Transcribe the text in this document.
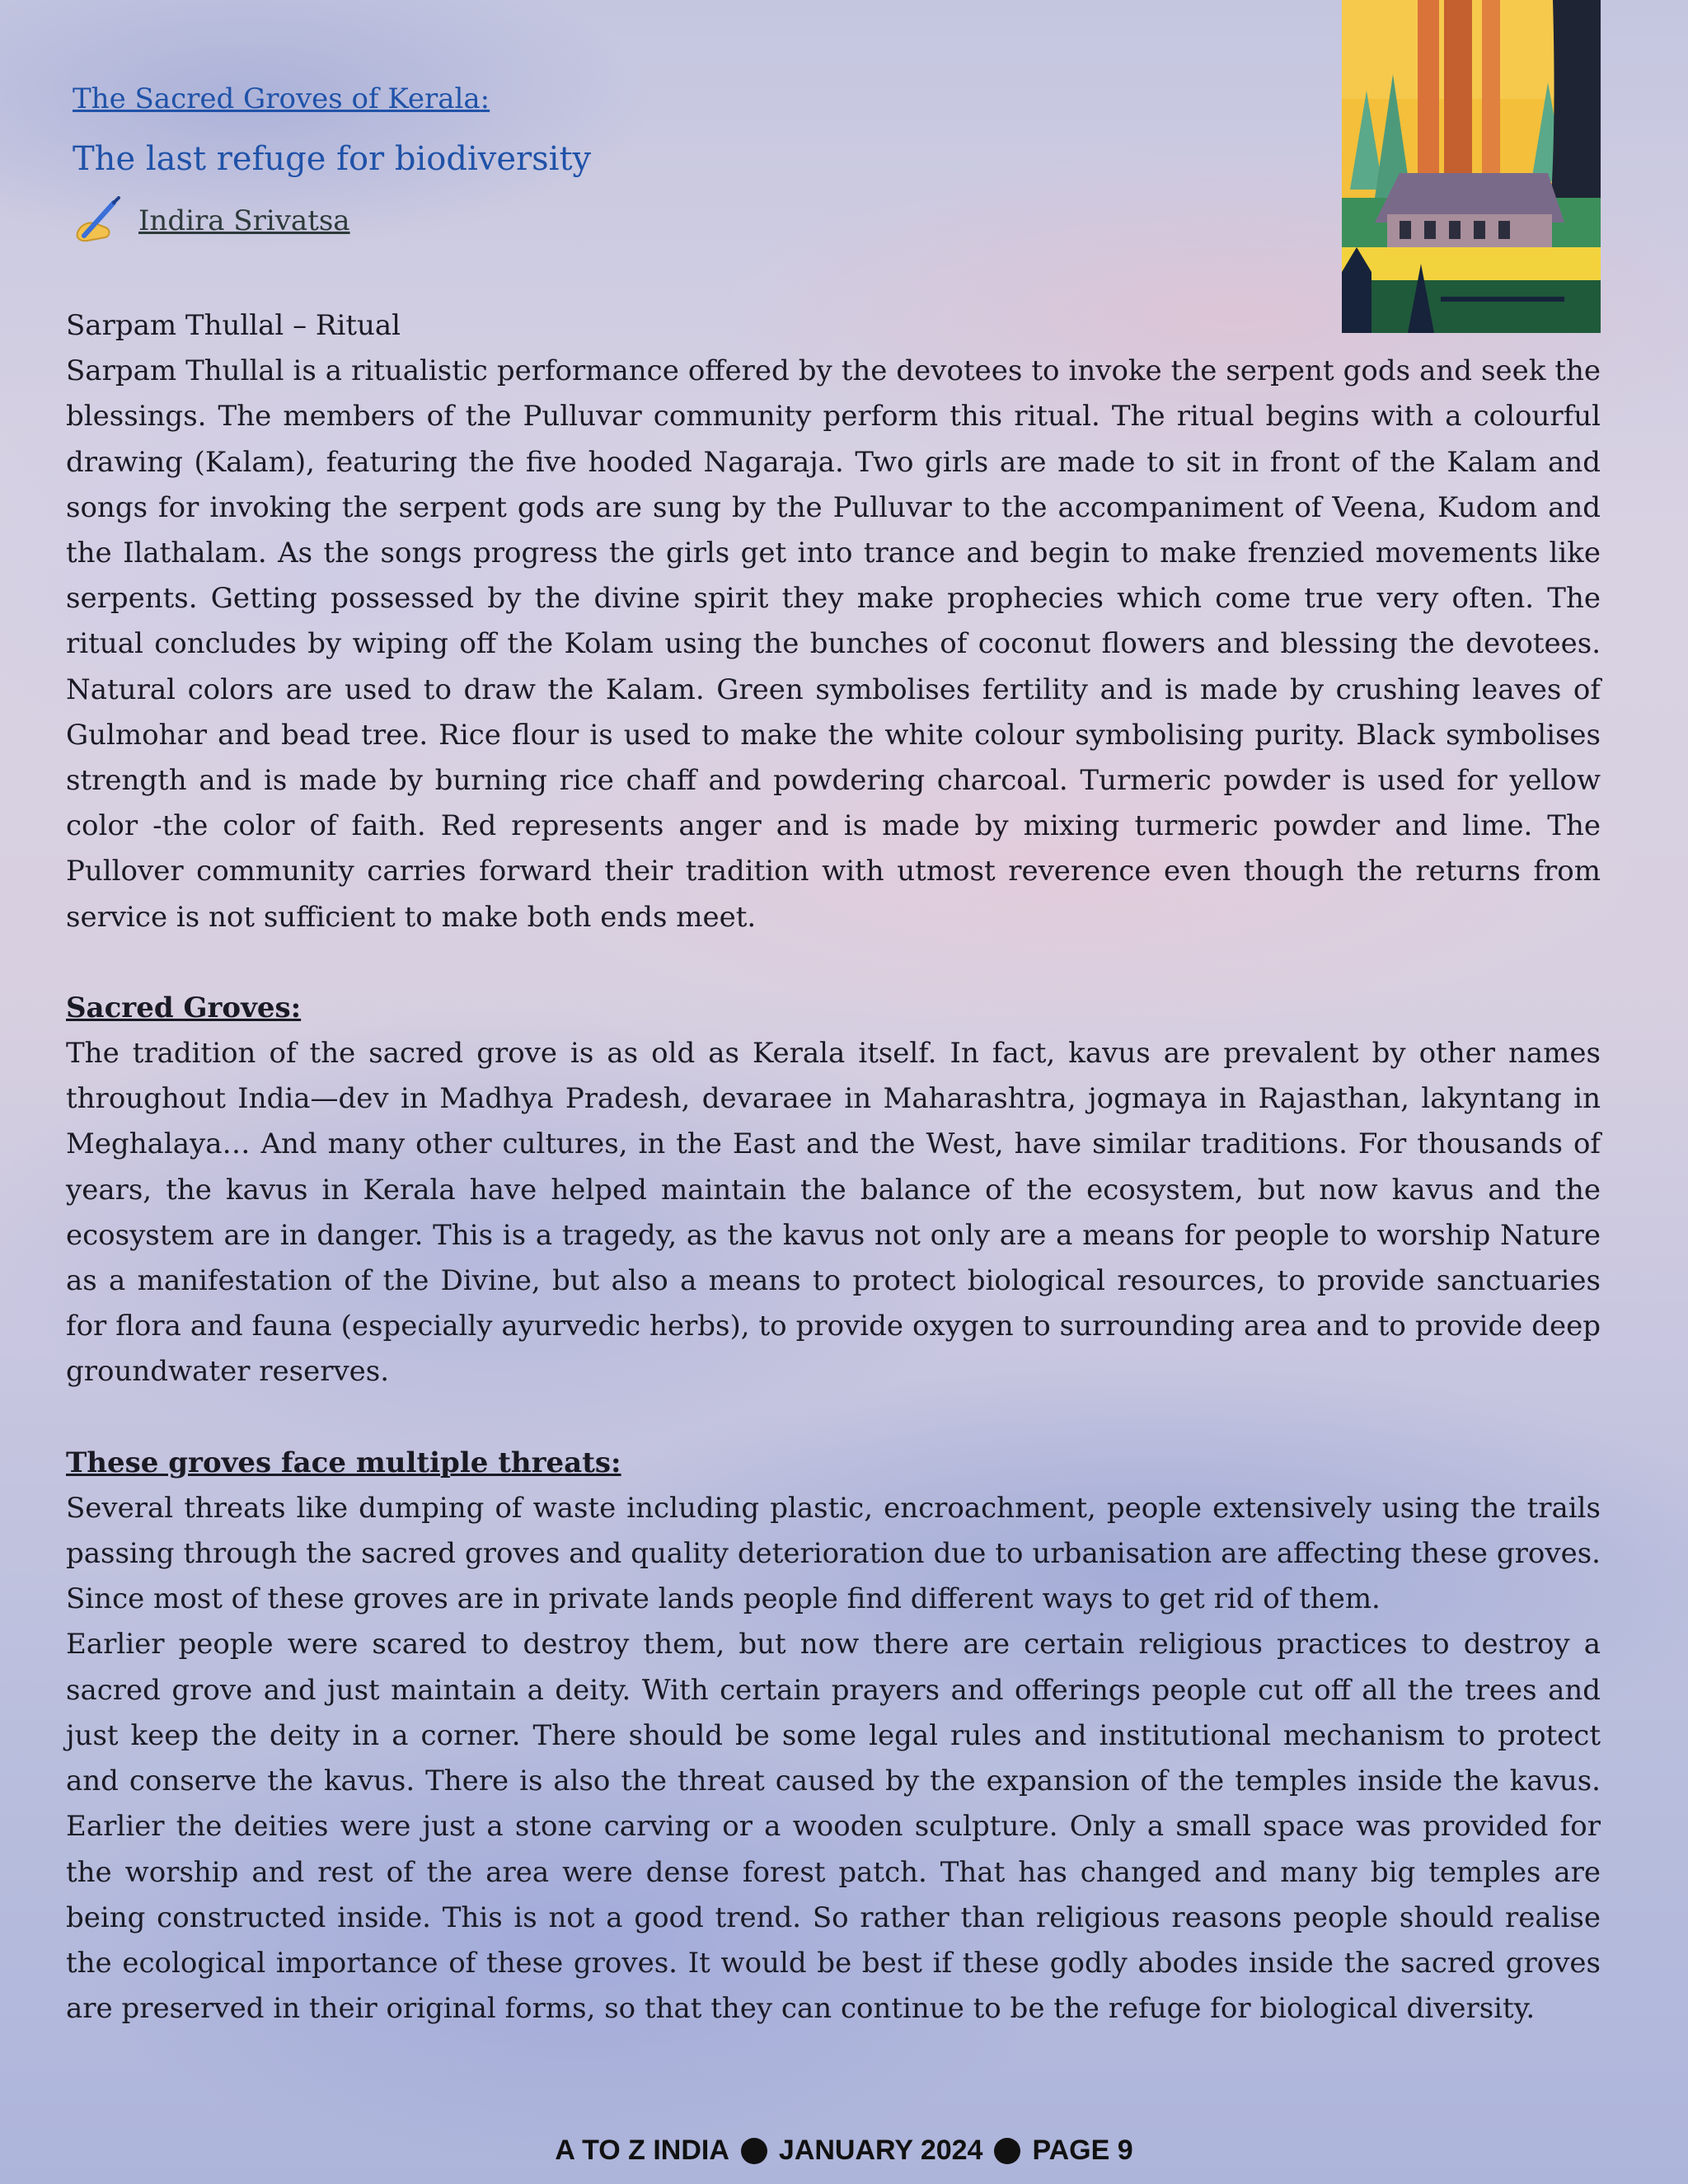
The Sacred Groves of Kerala:
The last refuge for biodiversity
Indira Srivatsa

Sarpam Thullal – Ritual

Sarpam Thullal is a ritualistic performance offered by the devotees to invoke the serpent gods and seek the blessings. The members of the Pulluvar community perform this ritual. The ritual begins with a colourful drawing (Kalam), featuring the five hooded Nagaraja. Two girls are made to sit in front of the Kalam and songs for invoking the serpent gods are sung by the Pulluvar to the accompaniment of Veena, Kudom and the Ilathalam. As the songs progress the girls get into trance and begin to make frenzied movements like serpents. Getting possessed by the divine spirit they make prophecies which come true very often. The ritual concludes by wiping off the Kolam using the bunches of coconut flowers and blessing the devotees. Natural colors are used to draw the Kalam. Green symbolises fertility and is made by crushing leaves of Gulmohar and bead tree. Rice flour is used to make the white colour symbolising purity. Black symbolises strength and is made by burning rice chaff and powdering charcoal. Turmeric powder is used for yellow color -the color of faith. Red represents anger and is made by mixing turmeric powder and lime. The Pullover community carries forward their tradition with utmost reverence even though the returns from service is not sufficient to make both ends meet.

Sacred Groves:

The tradition of the sacred grove is as old as Kerala itself. In fact, kavus are prevalent by other names throughout India—dev in Madhya Pradesh, devaraee in Maharashtra, jogmaya in Rajasthan, lakyntang in Meghalaya… And many other cultures, in the East and the West, have similar traditions. For thousands of years, the kavus in Kerala have helped maintain the balance of the ecosystem, but now kavus and the ecosystem are in danger. This is a tragedy, as the kavus not only are a means for people to worship Nature as a manifestation of the Divine, but also a means to protect biological resources, to provide sanctuaries for flora and fauna (especially ayurvedic herbs), to provide oxygen to surrounding area and to provide deep groundwater reserves.

These groves face multiple threats:

Several threats like dumping of waste including plastic, encroachment, people extensively using the trails passing through the sacred groves and quality deterioration due to urbanisation are affecting these groves. Since most of these groves are in private lands people find different ways to get rid of them.

Earlier people were scared to destroy them, but now there are certain religious practices to destroy a sacred grove and just maintain a deity. With certain prayers and offerings people cut off all the trees and just keep the deity in a corner. There should be some legal rules and institutional mechanism to protect and conserve the kavus. There is also the threat caused by the expansion of the temples inside the kavus. Earlier the deities were just a stone carving or a wooden sculpture. Only a small space was provided for the worship and rest of the area were dense forest patch. That has changed and many big temples are being constructed inside. This is not a good trend. So rather than religious reasons people should realise the ecological importance of these groves. It would be best if these godly abodes inside the sacred groves are preserved in their original forms, so that they can continue to be the refuge for biological diversity.

A TO Z INDIA JANUARY 2024 PAGE 9
